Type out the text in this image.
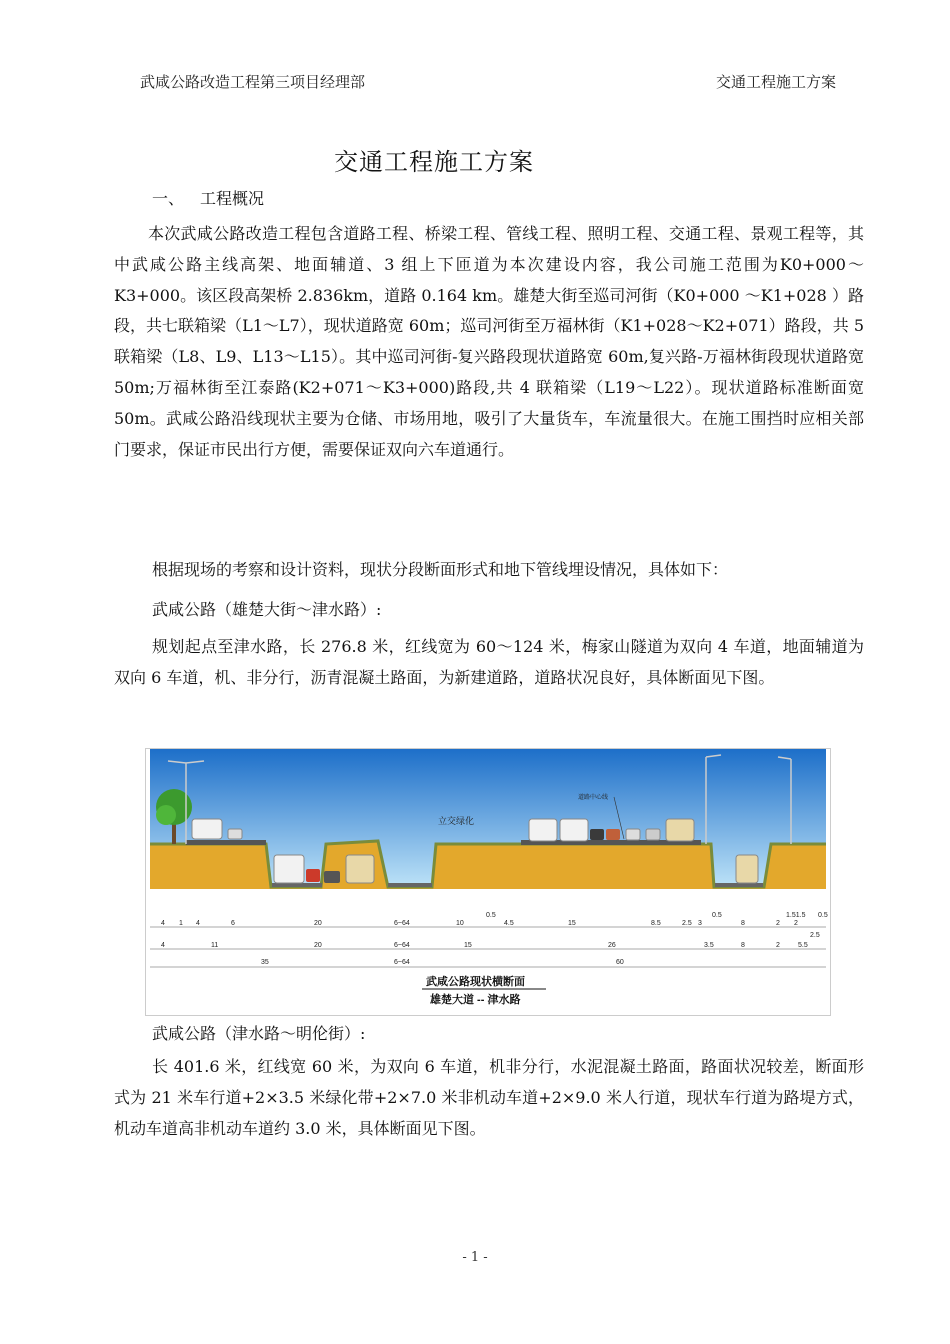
武咸公路改造工程第三项目经理部	交通工程施工方案
交通工程施工方案
一、 工程概况
本次武咸公路改造工程包含道路工程、桥梁工程、管线工程、照明工程、交通工程、景观工程等，其中武咸公路主线高架、地面辅道、3 组上下匝道为本次建设内容，我公司施工范围为K0+000～K3+000。该区段高架桥 2.836km，道路 0.164 km。雄楚大街至巡司河街（K0+000 ～K1+028 ）路段，共七联箱梁（L1～L7），现状道路宽 60m；巡司河街至万福林街（K1+028～K2+071）路段，共 5 联箱梁（L8、L9、L13～L15）。其中巡司河街-复兴路段现状道路宽 60m,复兴路-万福林街段现状道路宽 50m;万福林街至江泰路(K2+071～K3+000)路段,共 4 联箱梁（L19～L22）。现状道路标准断面宽 50m。武咸公路沿线现状主要为仓储、市场用地，吸引了大量货车，车流量很大。在施工围挡时应相关部门要求，保证市民出行方便，需要保证双向六车道通行。
根据现场的考察和设计资料，现状分段断面形式和地下管线埋设情况，具体如下：
武咸公路（雄楚大街～津水路）:
规划起点至津水路，长 276.8 米，红线宽为 60～124 米，梅家山隧道为双向 4 车道，地面辅道为双向 6 车道，机、非分行，沥青混凝土路面，为新建道路，道路状况良好，具体断面见下图。
立交绿化
道路中心线
4 1 4	6	20	6~64
0.5
10	4.5	15	8.5	2.5 3
0.5
8	2 2
1.51.5 0.5
4	11	20	6~64	15	26	3.5	8	2	5.5
2.5
35	6~64	60
武咸公路现状横断面
雄楚大道 -- 津水路
武咸公路（津水路～明伦街）:
长 401.6 米，红线宽 60 米，为双向 6 车道，机非分行，水泥混凝土路面，路面状况较差，断面形式为 21 米车行道+2×3.5 米绿化带+2×7.0 米非机动车道+2×9.0 米人行道，现状车行道为路堤方式，机动车道高非机动车道约 3.0 米，具体断面见下图。
- 1 -
